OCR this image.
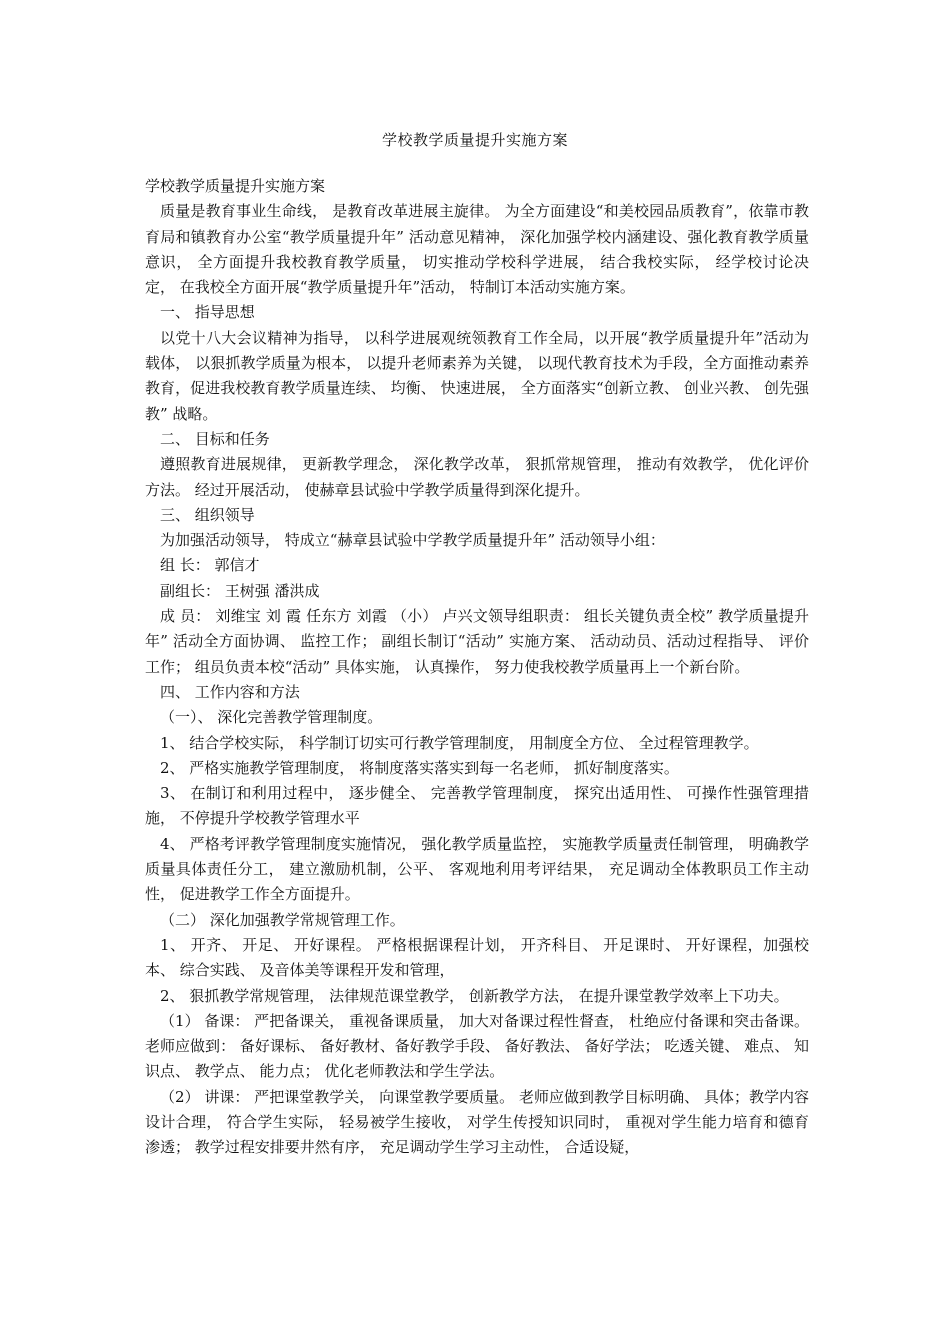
学校教学质量提升实施方案

学校教学质量提升实施方案

质量是教育事业生命线， 是教育改革进展主旋律。 为全方面建设“和美校园品质教育”，依靠市教育局和镇教育办公室“教学质量提升年” 活动意见精神， 深化加强学校内涵建设、强化教育教学质量意识， 全方面提升我校教育教学质量， 切实推动学校科学进展， 结合我校实际， 经学校讨论决定， 在我校全方面开展“教学质量提升年”活动， 特制订本活动实施方案。

一、 指导思想

以党十八大会议精神为指导， 以科学进展观统领教育工作全局，以开展“教学质量提升年”活动为载体， 以狠抓教学质量为根本， 以提升老师素养为关键， 以现代教育技术为手段，全方面推动素养教育，促进我校教育教学质量连续、 均衡、 快速进展， 全方面落实“创新立教、 创业兴教、 创先强教” 战略。

二、 目标和任务

遵照教育进展规律， 更新教学理念， 深化教学改革， 狠抓常规管理， 推动有效教学， 优化评价方法。 经过开展活动， 使赫章县试验中学教学质量得到深化提升。

三、 组织领导

为加强活动领导， 特成立“赫章县试验中学教学质量提升年” 活动领导小组：

组 长： 郭信才

副组长： 王树强 潘洪成

成 员： 刘维宝 刘 霞 任东方 刘霞 （小） 卢兴文领导组职责： 组长关键负责全校” 教学质量提升年” 活动全方面协调、 监控工作； 副组长制订“活动” 实施方案、 活动动员、活动过程指导、 评价工作； 组员负责本校“活动” 具体实施， 认真操作， 努力使我校教学质量再上一个新台阶。

四、 工作内容和方法

（一）、 深化完善教学管理制度。

1、 结合学校实际， 科学制订切实可行教学管理制度， 用制度全方位、 全过程管理教学。

2、 严格实施教学管理制度， 将制度落实落实到每一名老师， 抓好制度落实。

3、 在制订和利用过程中， 逐步健全、 完善教学管理制度， 探究出适用性、 可操作性强管理措施， 不停提升学校教学管理水平

4、 严格考评教学管理制度实施情况， 强化教学质量监控， 实施教学质量责任制管理， 明确教学质量具体责任分工， 建立激励机制，公平、 客观地利用考评结果， 充足调动全体教职员工作主动性， 促进教学工作全方面提升。

（二） 深化加强教学常规管理工作。

1、 开齐、 开足、 开好课程。 严格根据课程计划， 开齐科目、 开足课时、 开好课程，加强校本、 综合实践、 及音体美等课程开发和管理，

2、 狠抓教学常规管理， 法律规范课堂教学， 创新教学方法， 在提升课堂教学效率上下功夫。

（1） 备课： 严把备课关， 重视备课质量， 加大对备课过程性督查， 杜绝应付备课和突击备课。 老师应做到： 备好课标、 备好教材、备好教学手段、 备好教法、 备好学法； 吃透关键、 难点、 知识点、 教学点、 能力点； 优化老师教法和学生学法。

（2） 讲课： 严把课堂教学关， 向课堂教学要质量。 老师应做到教学目标明确、 具体；教学内容设计合理， 符合学生实际， 轻易被学生接收， 对学生传授知识同时， 重视对学生能力培育和德育渗透； 教学过程安排要井然有序， 充足调动学生学习主动性， 合适设疑，
